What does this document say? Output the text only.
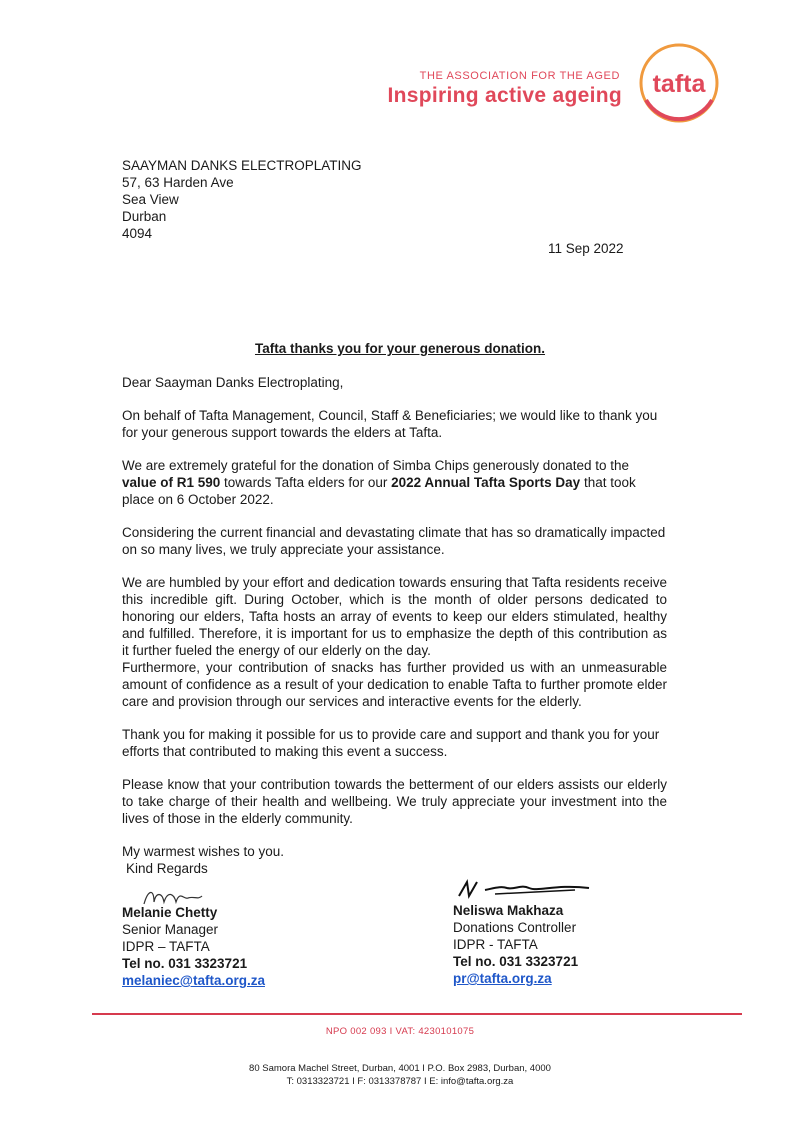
THE ASSOCIATION FOR THE AGED
Inspiring active ageing tafta
SAAYMAN DANKS ELECTROPLATING
57, 63 Harden Ave
Sea View
Durban
4094
11 Sep 2022
Tafta thanks you for your generous donation.

Dear Saayman Danks Electroplating,

On behalf of Tafta Management, Council, Staff & Beneficiaries; we would like to thank you for your generous support towards the elders at Tafta.

We are extremely grateful for the donation of Simba Chips generously donated to the value of R1 590 towards Tafta elders for our 2022 Annual Tafta Sports Day that took place on 6 October 2022.

Considering the current financial and devastating climate that has so dramatically impacted on so many lives, we truly appreciate your assistance.

We are humbled by your effort and dedication towards ensuring that Tafta residents receive this incredible gift. During October, which is the month of older persons dedicated to honoring our elders, Tafta hosts an array of events to keep our elders stimulated, healthy and fulfilled. Therefore, it is important for us to emphasize the depth of this contribution as it further fueled the energy of our elderly on the day.

Furthermore, your contribution of snacks has further provided us with an unmeasurable amount of confidence as a result of your dedication to enable Tafta to further promote elder care and provision through our services and interactive events for the elderly.

Thank you for making it possible for us to provide care and support and thank you for your efforts that contributed to making this event a success.

Please know that your contribution towards the betterment of our elders assists our elderly to take charge of their health and wellbeing. We truly appreciate your investment into the lives of those in the elderly community.

My warmest wishes to you.

Kind Regards

Melanie Chetty
Senior Manager
IDPR – TAFTA
Tel no. 031 3323721
melaniec@tafta.org.za
Neliswa Makhaza
Donations Controller
IDPR - TAFTA
Tel no. 031 3323721
pr@tafta.org.za
NPO 002 093 I VAT: 4230101075
80 Samora Machel Street, Durban, 4001 I P.O. Box 2983, Durban, 4000
T: 0313323721 I F: 0313378787 I E: info@tafta.org.za
